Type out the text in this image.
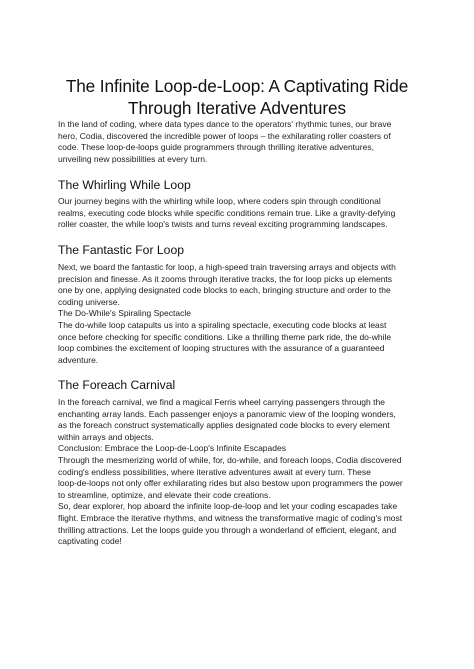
The Infinite Loop-de-Loop: A Captivating Ride
Through Iterative Adventures
In the land of coding, where data types dance to the operators' rhythmic tunes, our brave
hero, Codia, discovered the incredible power of loops – the exhilarating roller coasters of
code. These loop-de-loops guide programmers through thrilling iterative adventures,
unveiling new possibilities at every turn.
The Whirling While Loop
Our journey begins with the whirling while loop, where coders spin through conditional
realms, executing code blocks while specific conditions remain true. Like a gravity-defying
roller coaster, the while loop's twists and turns reveal exciting programming landscapes.
The Fantastic For Loop
Next, we board the fantastic for loop, a high-speed train traversing arrays and objects with
precision and finesse. As it zooms through iterative tracks, the for loop picks up elements
one by one, applying designated code blocks to each, bringing structure and order to the
coding universe.
The Do-While's Spiraling Spectacle
The do-while loop catapults us into a spiraling spectacle, executing code blocks at least
once before checking for specific conditions. Like a thrilling theme park ride, the do-while
loop combines the excitement of looping structures with the assurance of a guaranteed
adventure.
The Foreach Carnival
In the foreach carnival, we find a magical Ferris wheel carrying passengers through the
enchanting array lands. Each passenger enjoys a panoramic view of the looping wonders,
as the foreach construct systematically applies designated code blocks to every element
within arrays and objects.
Conclusion: Embrace the Loop-de-Loop's Infinite Escapades
Through the mesmerizing world of while, for, do-while, and foreach loops, Codia discovered
coding's endless possibilities, where iterative adventures await at every turn. These
loop-de-loops not only offer exhilarating rides but also bestow upon programmers the power
to streamline, optimize, and elevate their code creations.
So, dear explorer, hop aboard the infinite loop-de-loop and let your coding escapades take
flight. Embrace the iterative rhythms, and witness the transformative magic of coding's most
thrilling attractions. Let the loops guide you through a wonderland of efficient, elegant, and
captivating code!
